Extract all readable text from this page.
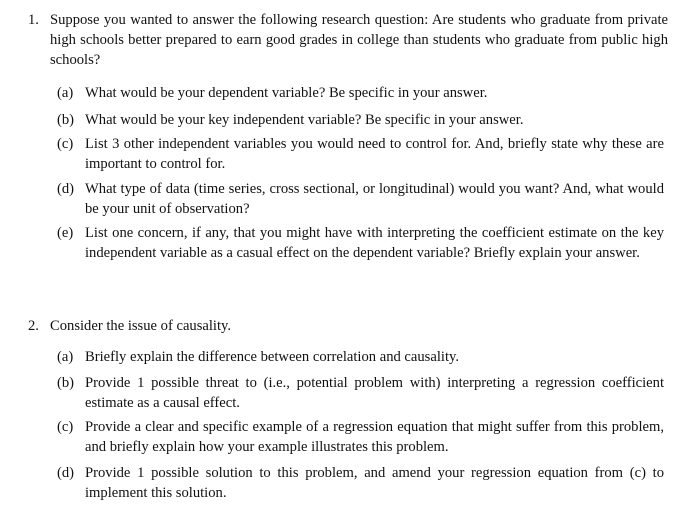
1. Suppose you wanted to answer the following research question: Are students who graduate from private high schools better prepared to earn good grades in college than students who graduate from public high schools?
(a) What would be your dependent variable? Be specific in your answer.
(b) What would be your key independent variable? Be specific in your answer.
(c) List 3 other independent variables you would need to control for. And, briefly state why these are important to control for.
(d) What type of data (time series, cross sectional, or longitudinal) would you want? And, what would be your unit of observation?
(e) List one concern, if any, that you might have with interpreting the coefficient estimate on the key independent variable as a casual effect on the dependent variable? Briefly explain your answer.
2. Consider the issue of causality.
(a) Briefly explain the difference between correlation and causality.
(b) Provide 1 possible threat to (i.e., potential problem with) interpreting a regression coefficient estimate as a causal effect.
(c) Provide a clear and specific example of a regression equation that might suffer from this problem, and briefly explain how your example illustrates this problem.
(d) Provide 1 possible solution to this problem, and amend your regression equation from (c) to implement this solution.
